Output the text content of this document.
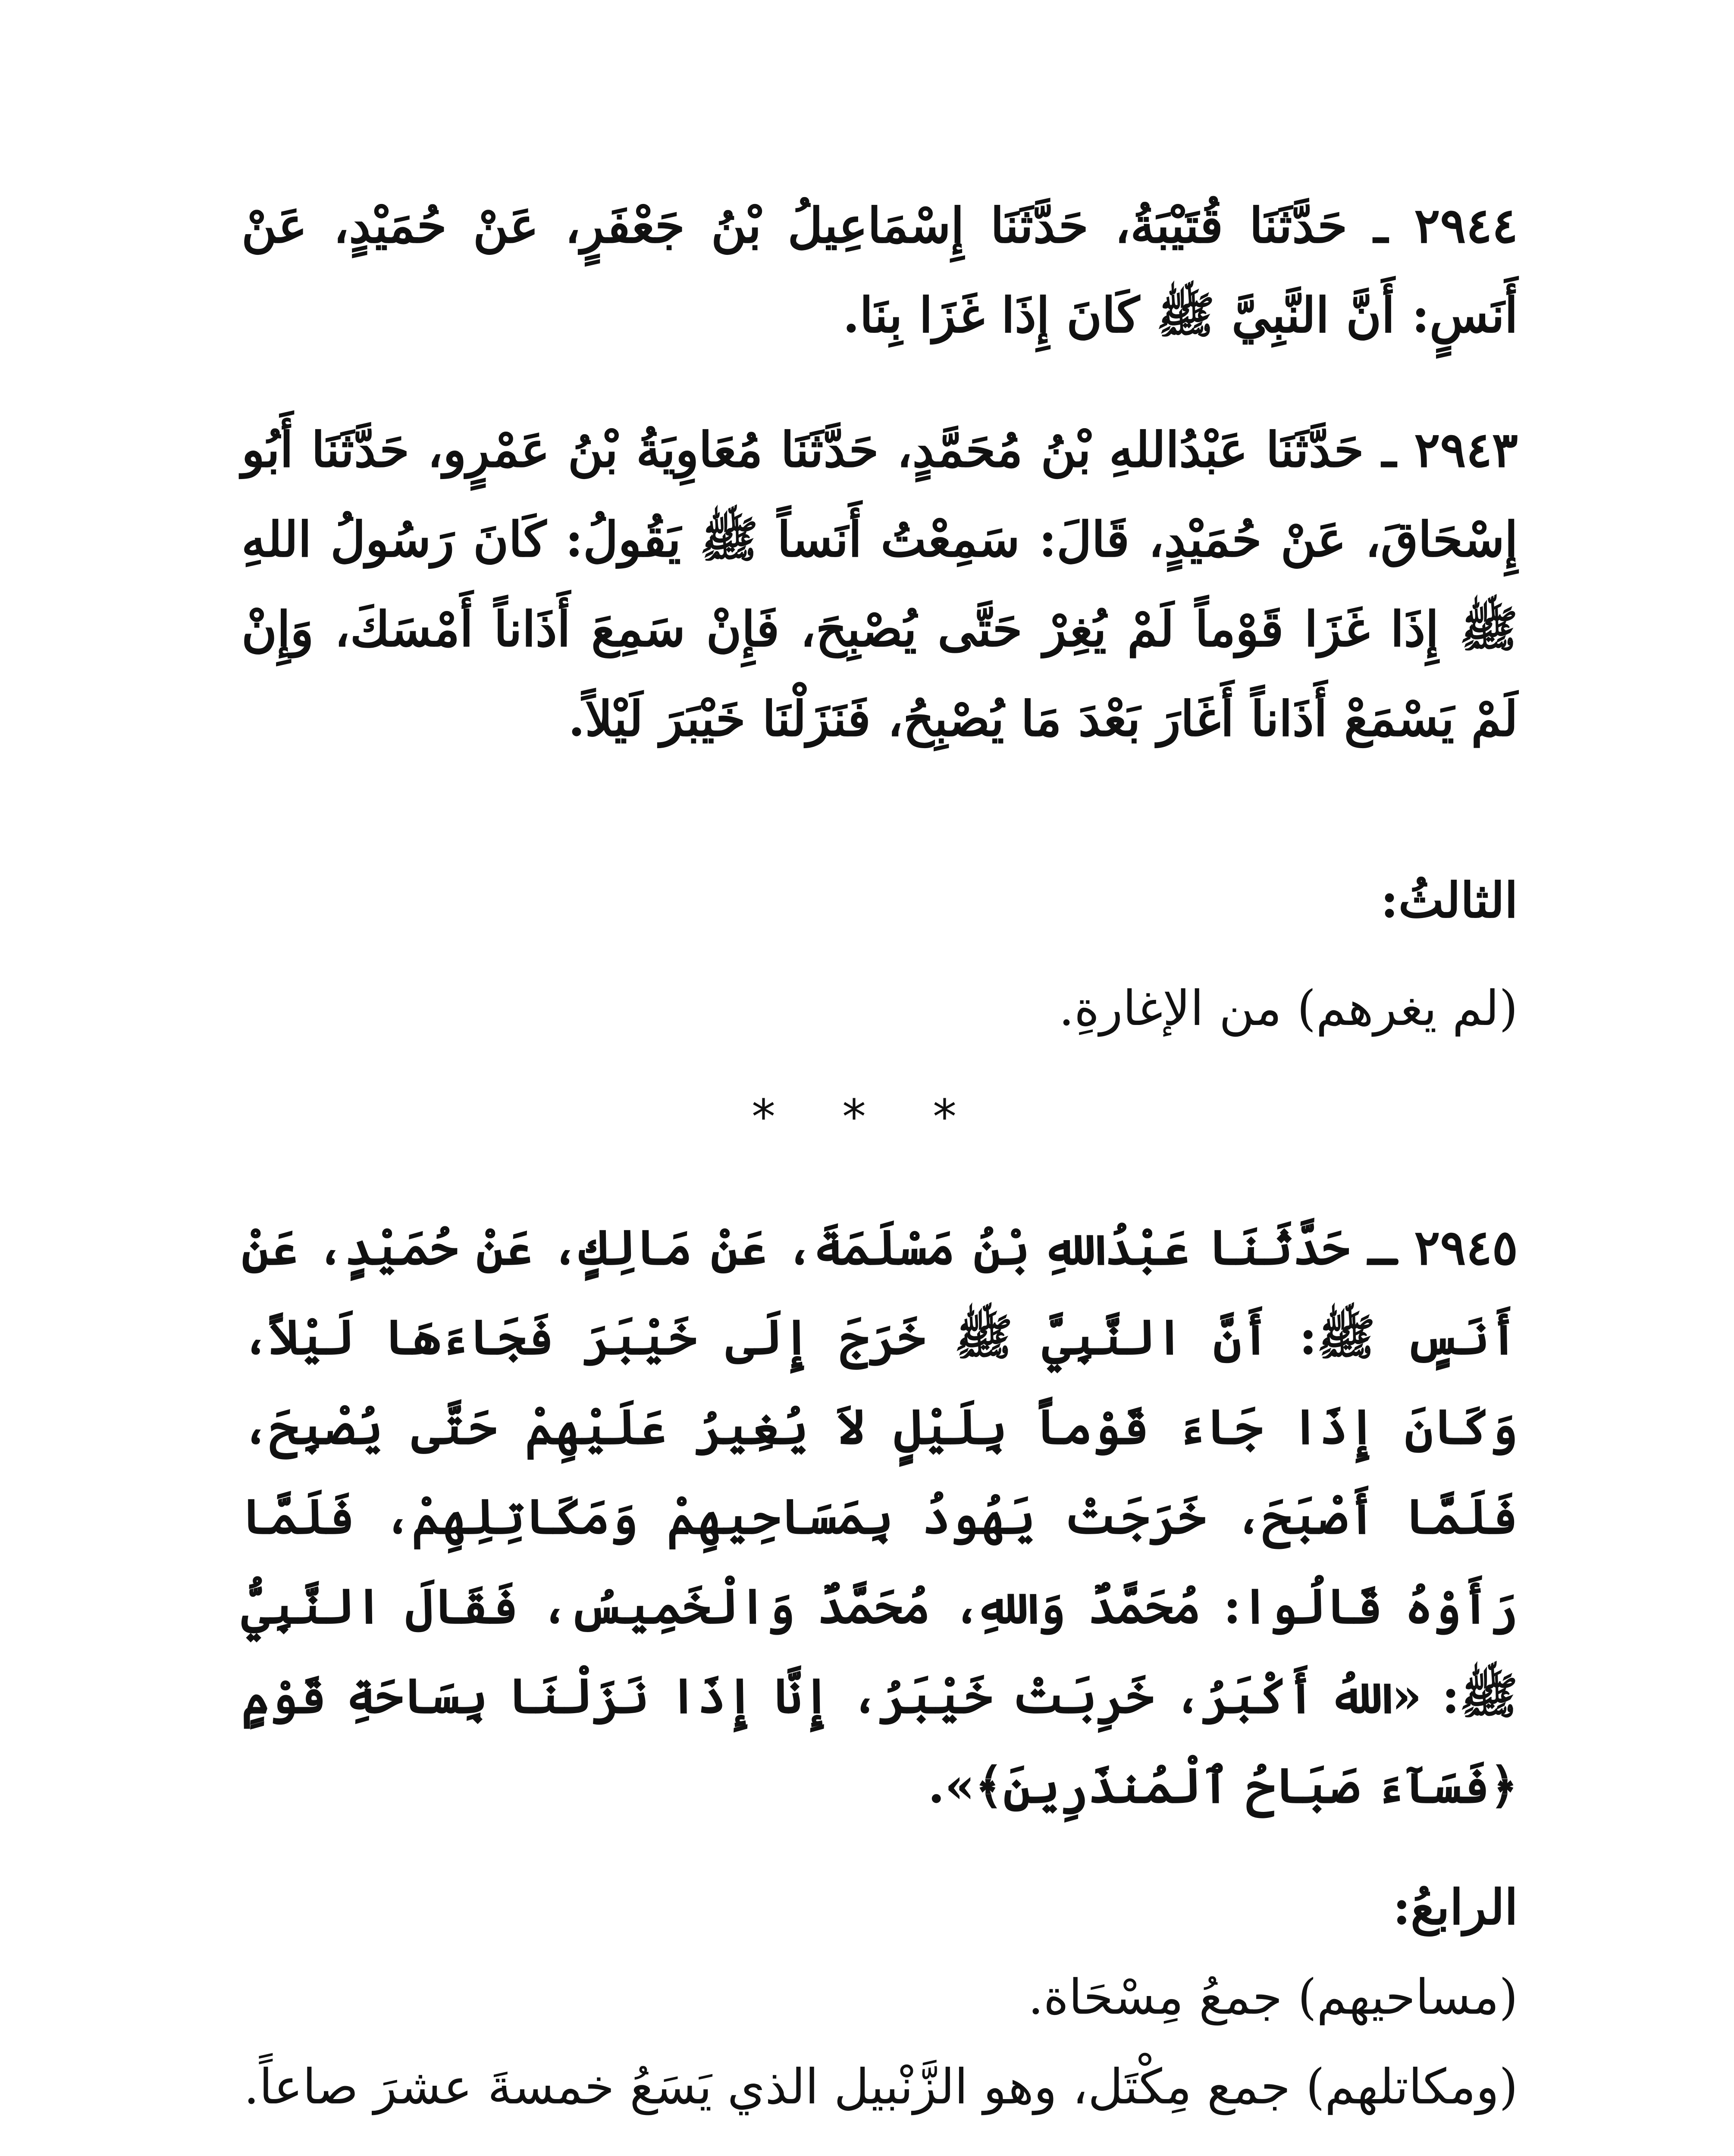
٢٩٤٤ ـ حَدَّثَنَا قُتَيْبَةُ، حَدَّثَنَا إِسْمَاعِيلُ بْنُ جَعْفَرٍ، عَنْ حُمَيْدٍ، عَنْ أَنَسٍ: أَنَّ النَّبِيَّ ﷺ كَانَ إِذَا غَزَا بِنَا.

٢٩٤٣ ـ حَدَّثَنَا عَبْدُاللهِ بْنُ مُحَمَّدٍ، حَدَّثَنَا مُعَاوِيَةُ بْنُ عَمْرٍو، حَدَّثَنَا أَبُو إِسْحَاقَ، عَنْ حُمَيْدٍ، قَالَ: سَمِعْتُ أَنَساً ﷺ يَقُولُ: كَانَ رَسُولُ اللهِ ﷺ إِذَا غَزَا قَوْماً لَمْ يُغِرْ حَتَّى يُصْبِحَ، فَإِنْ سَمِعَ أَذَاناً أَمْسَكَ، وَإِنْ لَمْ يَسْمَعْ أَذَاناً أَغَارَ بَعْدَ مَا يُصْبِحُ، فَنَزَلْنَا خَيْبَرَ لَيْلاً.

الثالثُ:

(لم يغرهم) من الإغارةِ.

* * *

٢٩٤٥ ـ حَدَّثَنَا عَبْدُاللهِ بْنُ مَسْلَمَةَ، عَنْ مَالِكٍ، عَنْ حُمَيْدٍ، عَنْ أَنَسٍ ﷺ: أَنَّ النَّبِيَّ ﷺ خَرَجَ إِلَى خَيْبَرَ فَجَاءَهَا لَيْلاً، وَكَانَ إِذَا جَاءَ قَوْماً بِلَيْلٍ لاَ يُغِيرُ عَلَيْهِمْ حَتَّى يُصْبِحَ، فَلَمَّا أَصْبَحَ، خَرَجَتْ يَهُودُ بِمَسَاحِيهِمْ وَمَكَاتِلِهِمْ، فَلَمَّا رَأَوْهُ قَالُوا: مُحَمَّدٌ وَاللهِ، مُحَمَّدٌ وَالْخَمِيسُ، فَقَالَ النَّبِيُّ ﷺ: «اللهُ أَكْبَرُ، خَرِبَتْ خَيْبَرُ، إِنَّا إِذَا نَزَلْنَا بِسَاحَةِ قَوْمٍ ﴿فَسَآءَ صَبَاحُ ٱلْمُنذَرِينَ﴾».

الرابعُ:

(مساحيهم) جمعُ مِسْحَاة.

(ومكاتلهم) جمع مِكْتَل، وهو الزَّنْبيل الذي يَسَعُ خمسةَ عشرَ صاعاً.
